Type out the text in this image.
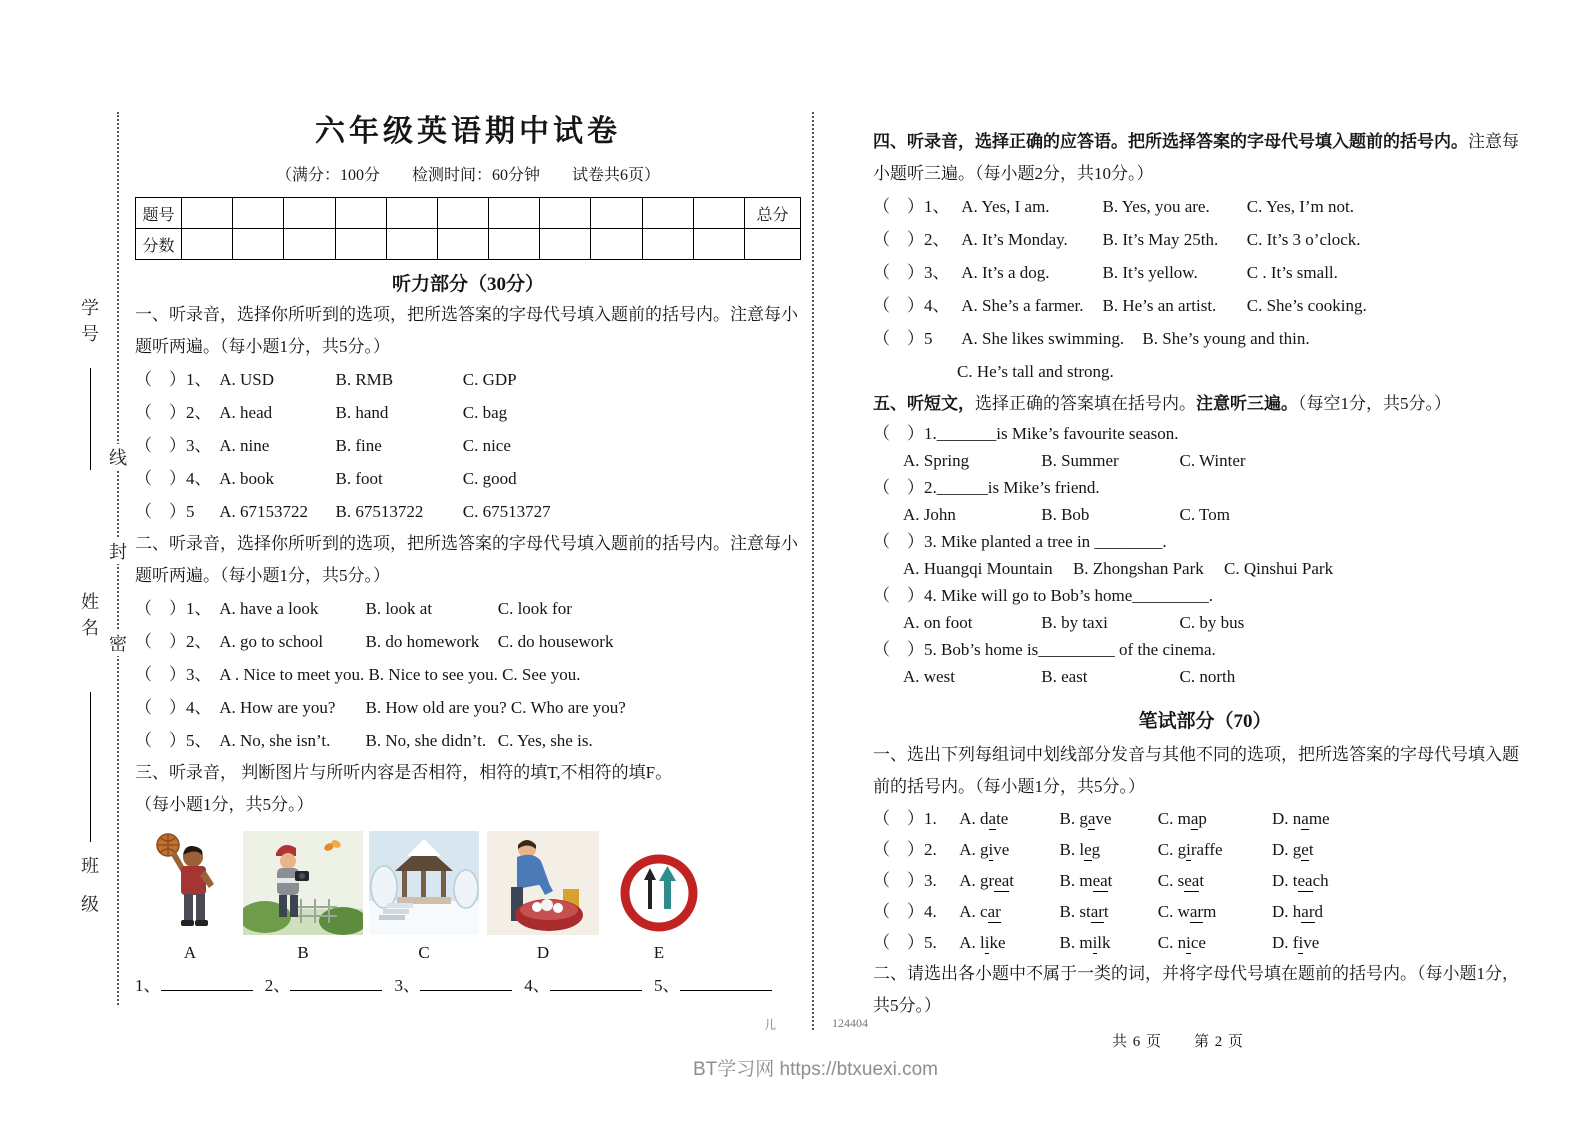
学号
姓名
班 级
线
封
密
六年级英语期中试卷
（满分：100分　　检测时间：60分钟　　试卷共6页）
题号												总分
分数												
听力部分（30分）
一、听录音，选择你所听到的选项，把所选答案的字母代号填入题前的括号内。注意每小
题听两遍。（每小题1分，共5分。）
（　）1、 A. USD	B. RMB	C. GDP
（　）2、 A. head	B. hand	C. bag
（　）3、 A. nine	B. fine	C. nice
（　）4、 A. book	B. foot	C. good
（　）5 A. 67153722 B. 67513722 C. 67513727
二、听录音，选择你所听到的选项，把所选答案的字母代号填入题前的括号内。注意每小
题听两遍。（每小题1分，共5分。）
（　）1、 A. have a look	B. look at	C. look for
（　）2、 A. go to school B. do homework C. do housework
（　）3、 A . Nice to meet you. B. Nice to see you. C. See you.
（　）4、 A. How are you? B. How old are you? C. Who are you?
（　）5、 A. No, she isn’t. B. No, she didn’t. C. Yes, she is.
三、听录音， 判断图片与所听内容是否相符，相符的填T,不相符的填F。
（每小题1分，共5分。）
A	B	C	D	E
1、	2、	3、	4、	5、
四、听录音，选择正确的应答语。把所选择答案的字母代号填入题前的括号内。注意每
小题听三遍。（每小题2分，共10分。）
（　）1、 A. Yes, I am.	B. Yes, you are. C. Yes, I’m not.
（　）2、 A. It’s Monday. B. It’s May 25th. C. It’s 3 o’clock.
（　）3、 A. It’s a dog.	B. It’s yellow.	C . It’s small.
（　）4、 A. She’s a farmer. B. He’s an artist. C. She’s cooking.
（　）5 A. She likes swimming. B. She’s young and thin.
C. He’s tall and strong.
五、听短文，选择正确的答案填在括号内。注意听三遍。（每空1分，共5分。）
（　）1._______is Mike’s favourite season.
A. Spring	B. Summer	C. Winter
（　）2.______is Mike’s friend.
A. John	B. Bob	C. Tom
（　）3. Mike planted a tree in ________.
A. Huangqi Mountain B. Zhongshan Park C. Qinshui Park
（　）4. Mike will go to Bob’s home_________.
A. on foot	B. by taxi	C. by bus
（　）5. Bob’s home is_________ of the cinema.
A. west	B. east	C. north
笔试部分（70）
一、选出下列每组词中划线部分发音与其他不同的选项，把所选答案的字母代号填入题
前的括号内。（每小题1分，共5分。）
（　）1. A. date	B. gave	C. map	D. name
（　）2. A. give	B. leg	C. giraffe	D. get
（　）3. A. great	B. meat	C. seat	D. teach
（　）4. A. car	B. start	C. warm	D. hard
（　）5. A. like	B. milk	C. nice	D. five
二、请选出各小题中不属于一类的词，并将字母代号填在题前的括号内。（每小题1分，
共5分。）
儿	124404
共 6 页　　第 2 页
BT学习网 https://btxuexi.com
